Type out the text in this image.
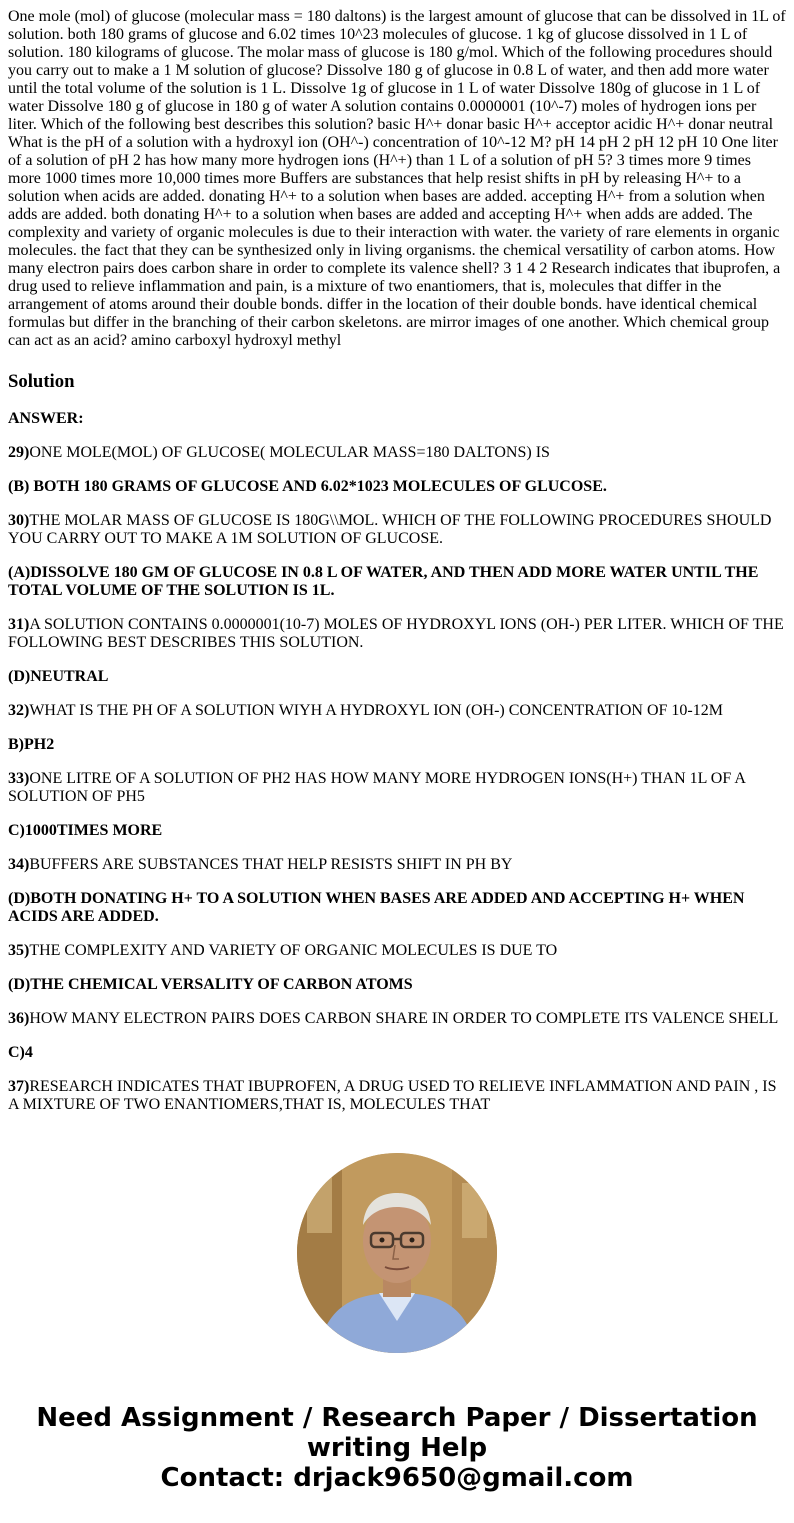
One mole (mol) of glucose (molecular mass = 180 daltons) is the largest amount of glucose that can be dissolved in 1L of solution. both 180 grams of glucose and 6.02 times 10^23 molecules of glucose. 1 kg of glucose dissolved in 1 L of solution. 180 kilograms of glucose. The molar mass of glucose is 180 g/mol. Which of the following procedures should you carry out to make a 1 M solution of glucose? Dissolve 180 g of glucose in 0.8 L of water, and then add more water until the total volume of the solution is 1 L. Dissolve 1g of glucose in 1 L of water Dissolve 180g of glucose in 1 L of water Dissolve 180 g of glucose in 180 g of water A solution contains 0.0000001 (10^-7) moles of hydrogen ions per liter. Which of the following best describes this solution? basic H^+ donar basic H^+ acceptor acidic H^+ donar neutral What is the pH of a solution with a hydroxyl ion (OH^-) concentration of 10^-12 M? pH 14 pH 2 pH 12 pH 10 One liter of a solution of pH 2 has how many more hydrogen ions (H^+) than 1 L of a solution of pH 5? 3 times more 9 times more 1000 times more 10,000 times more Buffers are substances that help resist shifts in pH by releasing H^+ to a solution when acids are added. donating H^+ to a solution when bases are added. accepting H^+ from a solution when adds are added. both donating H^+ to a solution when bases are added and accepting H^+ when adds are added. The complexity and variety of organic molecules is due to their interaction with water. the variety of rare elements in organic molecules. the fact that they can be synthesized only in living organisms. the chemical versatility of carbon atoms. How many electron pairs does carbon share in order to complete its valence shell? 3 1 4 2 Research indicates that ibuprofen, a drug used to relieve inflammation and pain, is a mixture of two enantiomers, that is, molecules that differ in the arrangement of atoms around their double bonds. differ in the location of their double bonds. have identical chemical formulas but differ in the branching of their carbon skeletons. are mirror images of one another. Which chemical group can act as an acid? amino carboxyl hydroxyl methyl

Solution

ANSWER:

29)ONE MOLE(MOL) OF GLUCOSE( MOLECULAR MASS=180 DALTONS) IS

(B) BOTH 180 GRAMS OF GLUCOSE AND 6.02*1023 MOLECULES OF GLUCOSE.

30)THE MOLAR MASS OF GLUCOSE IS 180G\\MOL. WHICH OF THE FOLLOWING PROCEDURES SHOULD YOU CARRY OUT TO MAKE A 1M SOLUTION OF GLUCOSE.

(A)DISSOLVE 180 GM OF GLUCOSE IN 0.8 L OF WATER, AND THEN ADD MORE WATER UNTIL THE TOTAL VOLUME OF THE SOLUTION IS 1L.

31)A SOLUTION CONTAINS 0.0000001(10-7) MOLES OF HYDROXYL IONS (OH-) PER LITER. WHICH OF THE FOLLOWING BEST DESCRIBES THIS SOLUTION.

(D)NEUTRAL

32)WHAT IS THE PH OF A SOLUTION WIYH A HYDROXYL ION (OH-) CONCENTRATION OF 10-12M

B)PH2

33)ONE LITRE OF A SOLUTION OF PH2 HAS HOW MANY MORE HYDROGEN IONS(H+) THAN 1L OF A SOLUTION OF PH5

C)1000TIMES MORE

34)BUFFERS ARE SUBSTANCES THAT HELP RESISTS SHIFT IN PH BY

(D)BOTH DONATING H+ TO A SOLUTION WHEN BASES ARE ADDED AND ACCEPTING H+ WHEN ACIDS ARE ADDED.

35)THE COMPLEXITY AND VARIETY OF ORGANIC MOLECULES IS DUE TO

(D)THE CHEMICAL VERSALITY OF CARBON ATOMS

36)HOW MANY ELECTRON PAIRS DOES CARBON SHARE IN ORDER TO COMPLETE ITS VALENCE SHELL

C)4

37)RESEARCH INDICATES THAT IBUPROFEN, A DRUG USED TO RELIEVE INFLAMMATION AND PAIN , IS A MIXTURE OF TWO ENANTIOMERS,THAT IS, MOLECULES THAT

Need Assignment / Research Paper / Dissertation
writing Help
Contact: drjack9650@gmail.com
